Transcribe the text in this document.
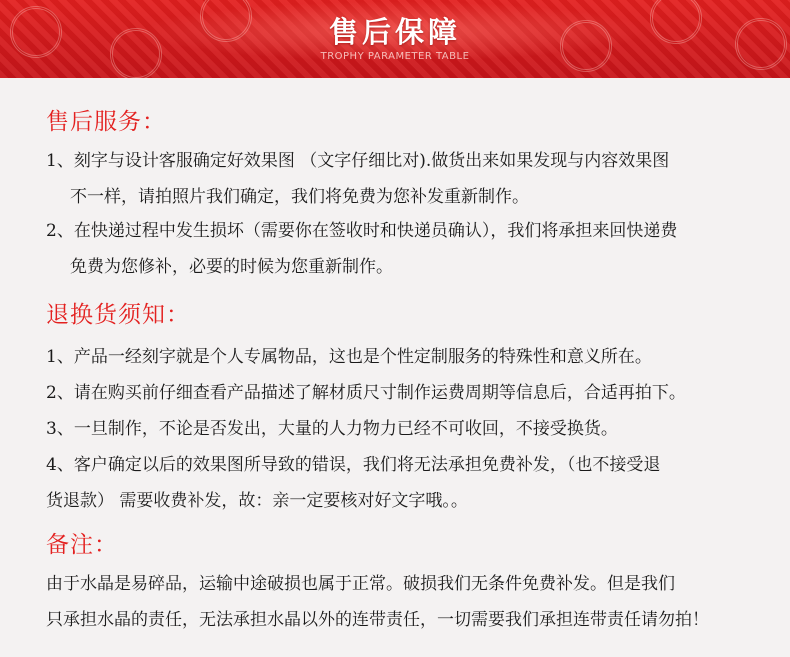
售后保障
TROPHY PARAMETER TABLE
售后服务：
1、刻字与设计客服确定好效果图 （文字仔细比对).做货出来如果发现与内容效果图
不一样，请拍照片我们确定，我们将免费为您补发重新制作。
2、在快递过程中发生损坏（需要你在签收时和快递员确认），我们将承担来回快递费
免费为您修补，必要的时候为您重新制作。
退换货须知：
1、产品一经刻字就是个人专属物品，这也是个性定制服务的特殊性和意义所在。
2、请在购买前仔细查看产品描述了解材质尺寸制作运费周期等信息后，合适再拍下。
3、一旦制作，不论是否发出，大量的人力物力已经不可收回，不接受换货。
4、客户确定以后的效果图所导致的错误，我们将无法承担免费补发，（也不接受退
货退款） 需要收费补发，故：亲一定要核对好文字哦。。
备注：
由于水晶是易碎品，运输中途破损也属于正常。破损我们无条件免费补发。但是我们
只承担水晶的责任，无法承担水晶以外的连带责任，一切需要我们承担连带责任请勿拍！
